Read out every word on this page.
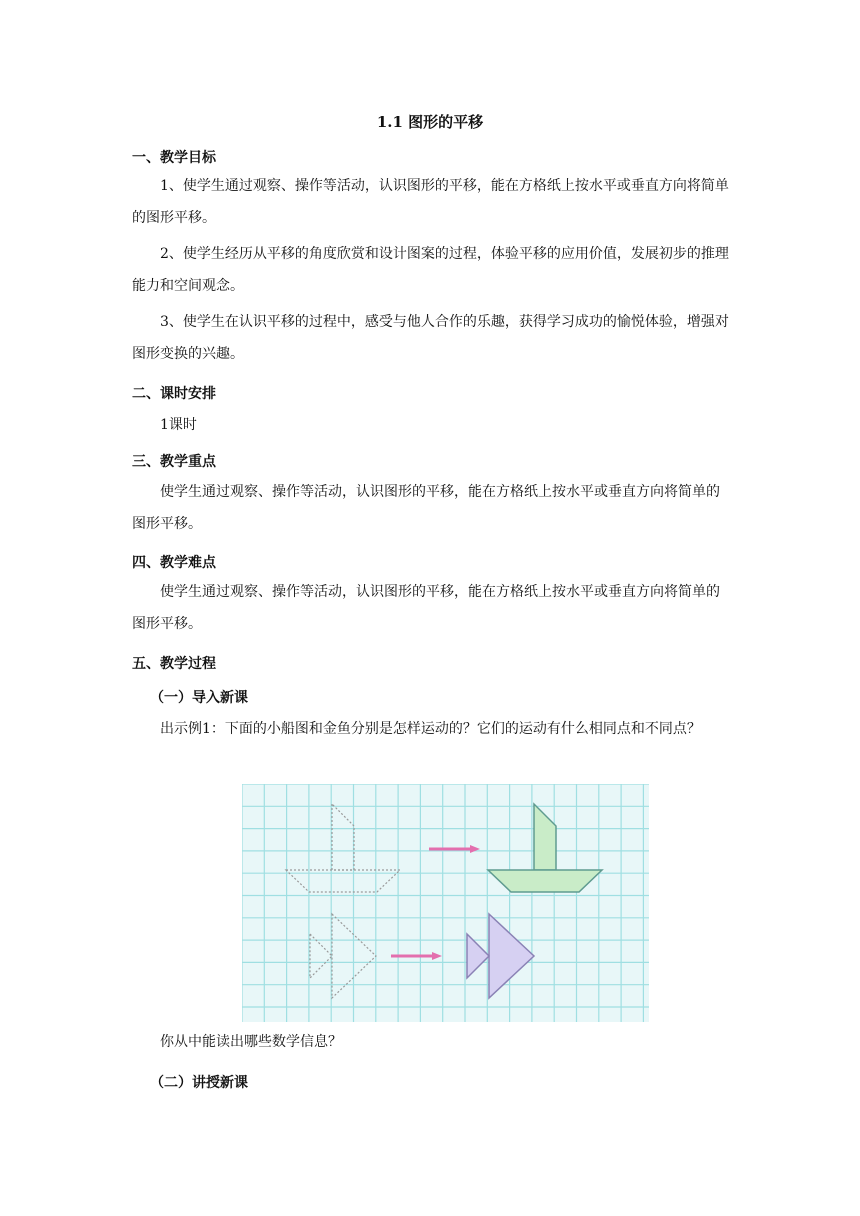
1.1 图形的平移
一、教学目标

1、使学生通过观察、操作等活动，认识图形的平移，能在方格纸上按水平或垂直方向将简单的图形平移。

2、使学生经历从平移的角度欣赏和设计图案的过程，体验平移的应用价值，发展初步的推理能力和空间观念。

3、使学生在认识平移的过程中，感受与他人合作的乐趣，获得学习成功的愉悦体验，增强对图形变换的兴趣。

二、课时安排

1课时

三、教学重点

使学生通过观察、操作等活动，认识图形的平移，能在方格纸上按水平或垂直方向将简单的图形平移。

四、教学难点

使学生通过观察、操作等活动，认识图形的平移，能在方格纸上按水平或垂直方向将简单的图形平移。

五、教学过程
（一）导入新课

出示例1：下面的小船图和金鱼分别是怎样运动的？它们的运动有什么相同点和不同点？

你从中能读出哪些数学信息？

（二）讲授新课
